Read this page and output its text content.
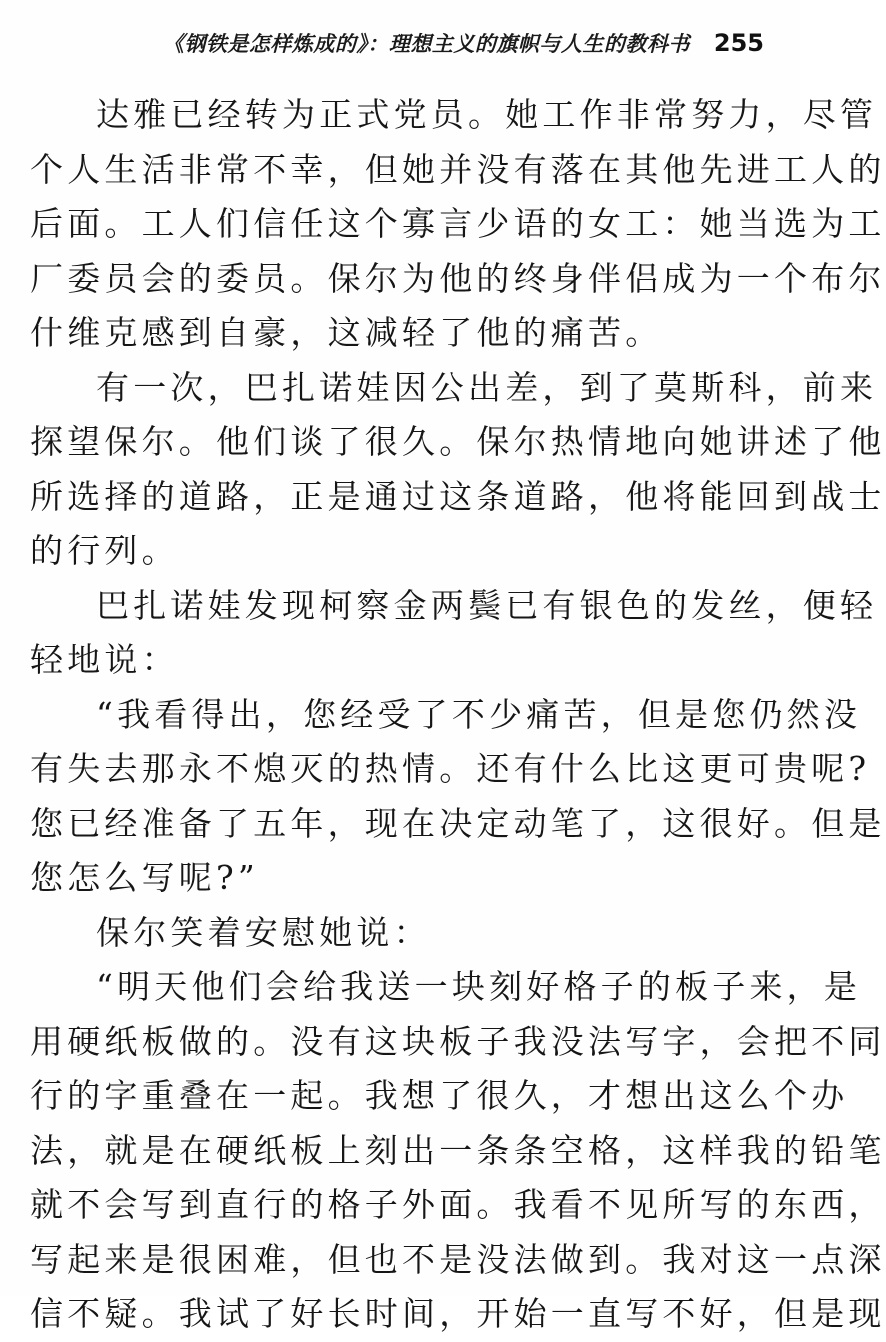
《钢铁是怎样炼成的》：理想主义的旗帜与人生的教科书 255
达雅已经转为正式党员。她工作非常努力，尽管
个人生活非常不幸，但她并没有落在其他先进工人的
后面。工人们信任这个寡言少语的女工：她当选为工
厂委员会的委员。保尔为他的终身伴侣成为一个布尔
什维克感到自豪，这减轻了他的痛苦。
有一次，巴扎诺娃因公出差，到了莫斯科，前来
探望保尔。他们谈了很久。保尔热情地向她讲述了他
所选择的道路，正是通过这条道路，他将能回到战士
的行列。
巴扎诺娃发现柯察金两鬓已有银色的发丝，便轻
轻地说：
“我看得出，您经受了不少痛苦，但是您仍然没
有失去那永不熄灭的热情。还有什么比这更可贵呢?
您已经准备了五年，现在决定动笔了，这很好。但是
您怎么写呢?”
保尔笑着安慰她说：
“明天他们会给我送一块刻好格子的板子来，是
用硬纸板做的。没有这块板子我没法写字，会把不同
行的字重叠在一起。我想了很久，才想出这么个办
法，就是在硬纸板上刻出一条条空格，这样我的铅笔
就不会写到直行的格子外面。我看不见所写的东西，
写起来是很困难，但也不是没法做到。我对这一点深
信不疑。我试了好长时间，开始一直写不好，但是现
